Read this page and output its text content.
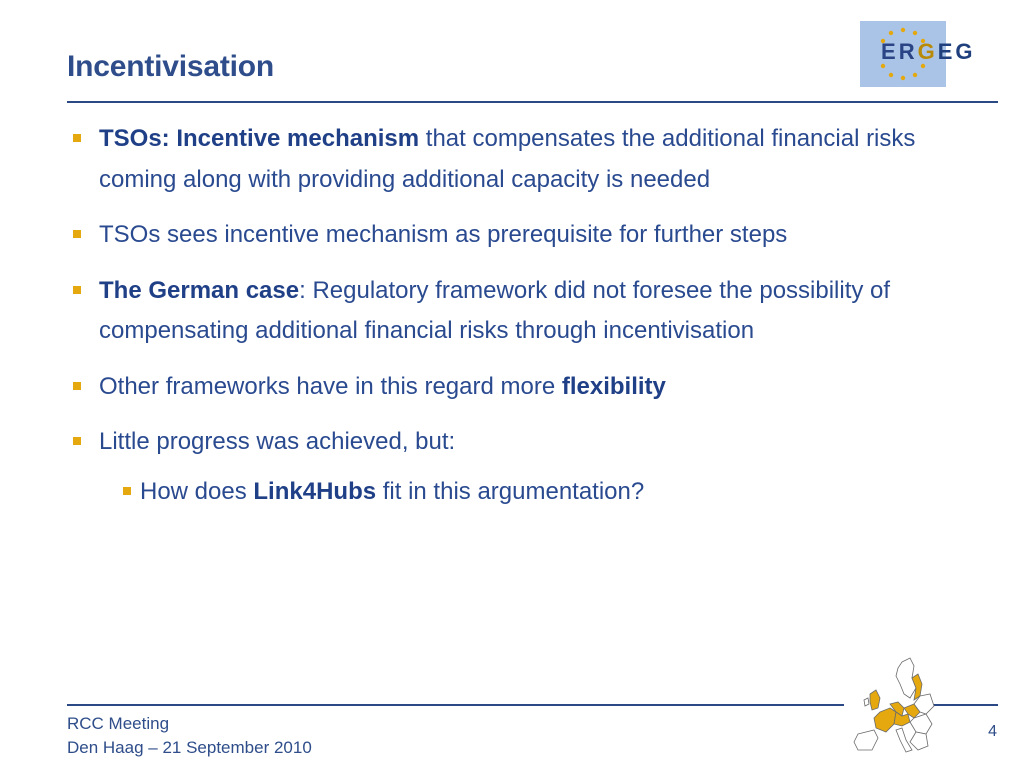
Incentivisation	ERGEG
TSOs: Incentive mechanism that compensates the additional financial risks coming along with providing additional capacity is needed
TSOs sees incentive mechanism as prerequisite for further steps
The German case: Regulatory framework did not foresee the possibility of compensating additional financial risks through incentivisation
Other frameworks have in this regard more flexibility
Little progress was achieved, but:
How does Link4Hubs fit in this argumentation?
RCC Meeting
Den Haag – 21 September 2010
4
